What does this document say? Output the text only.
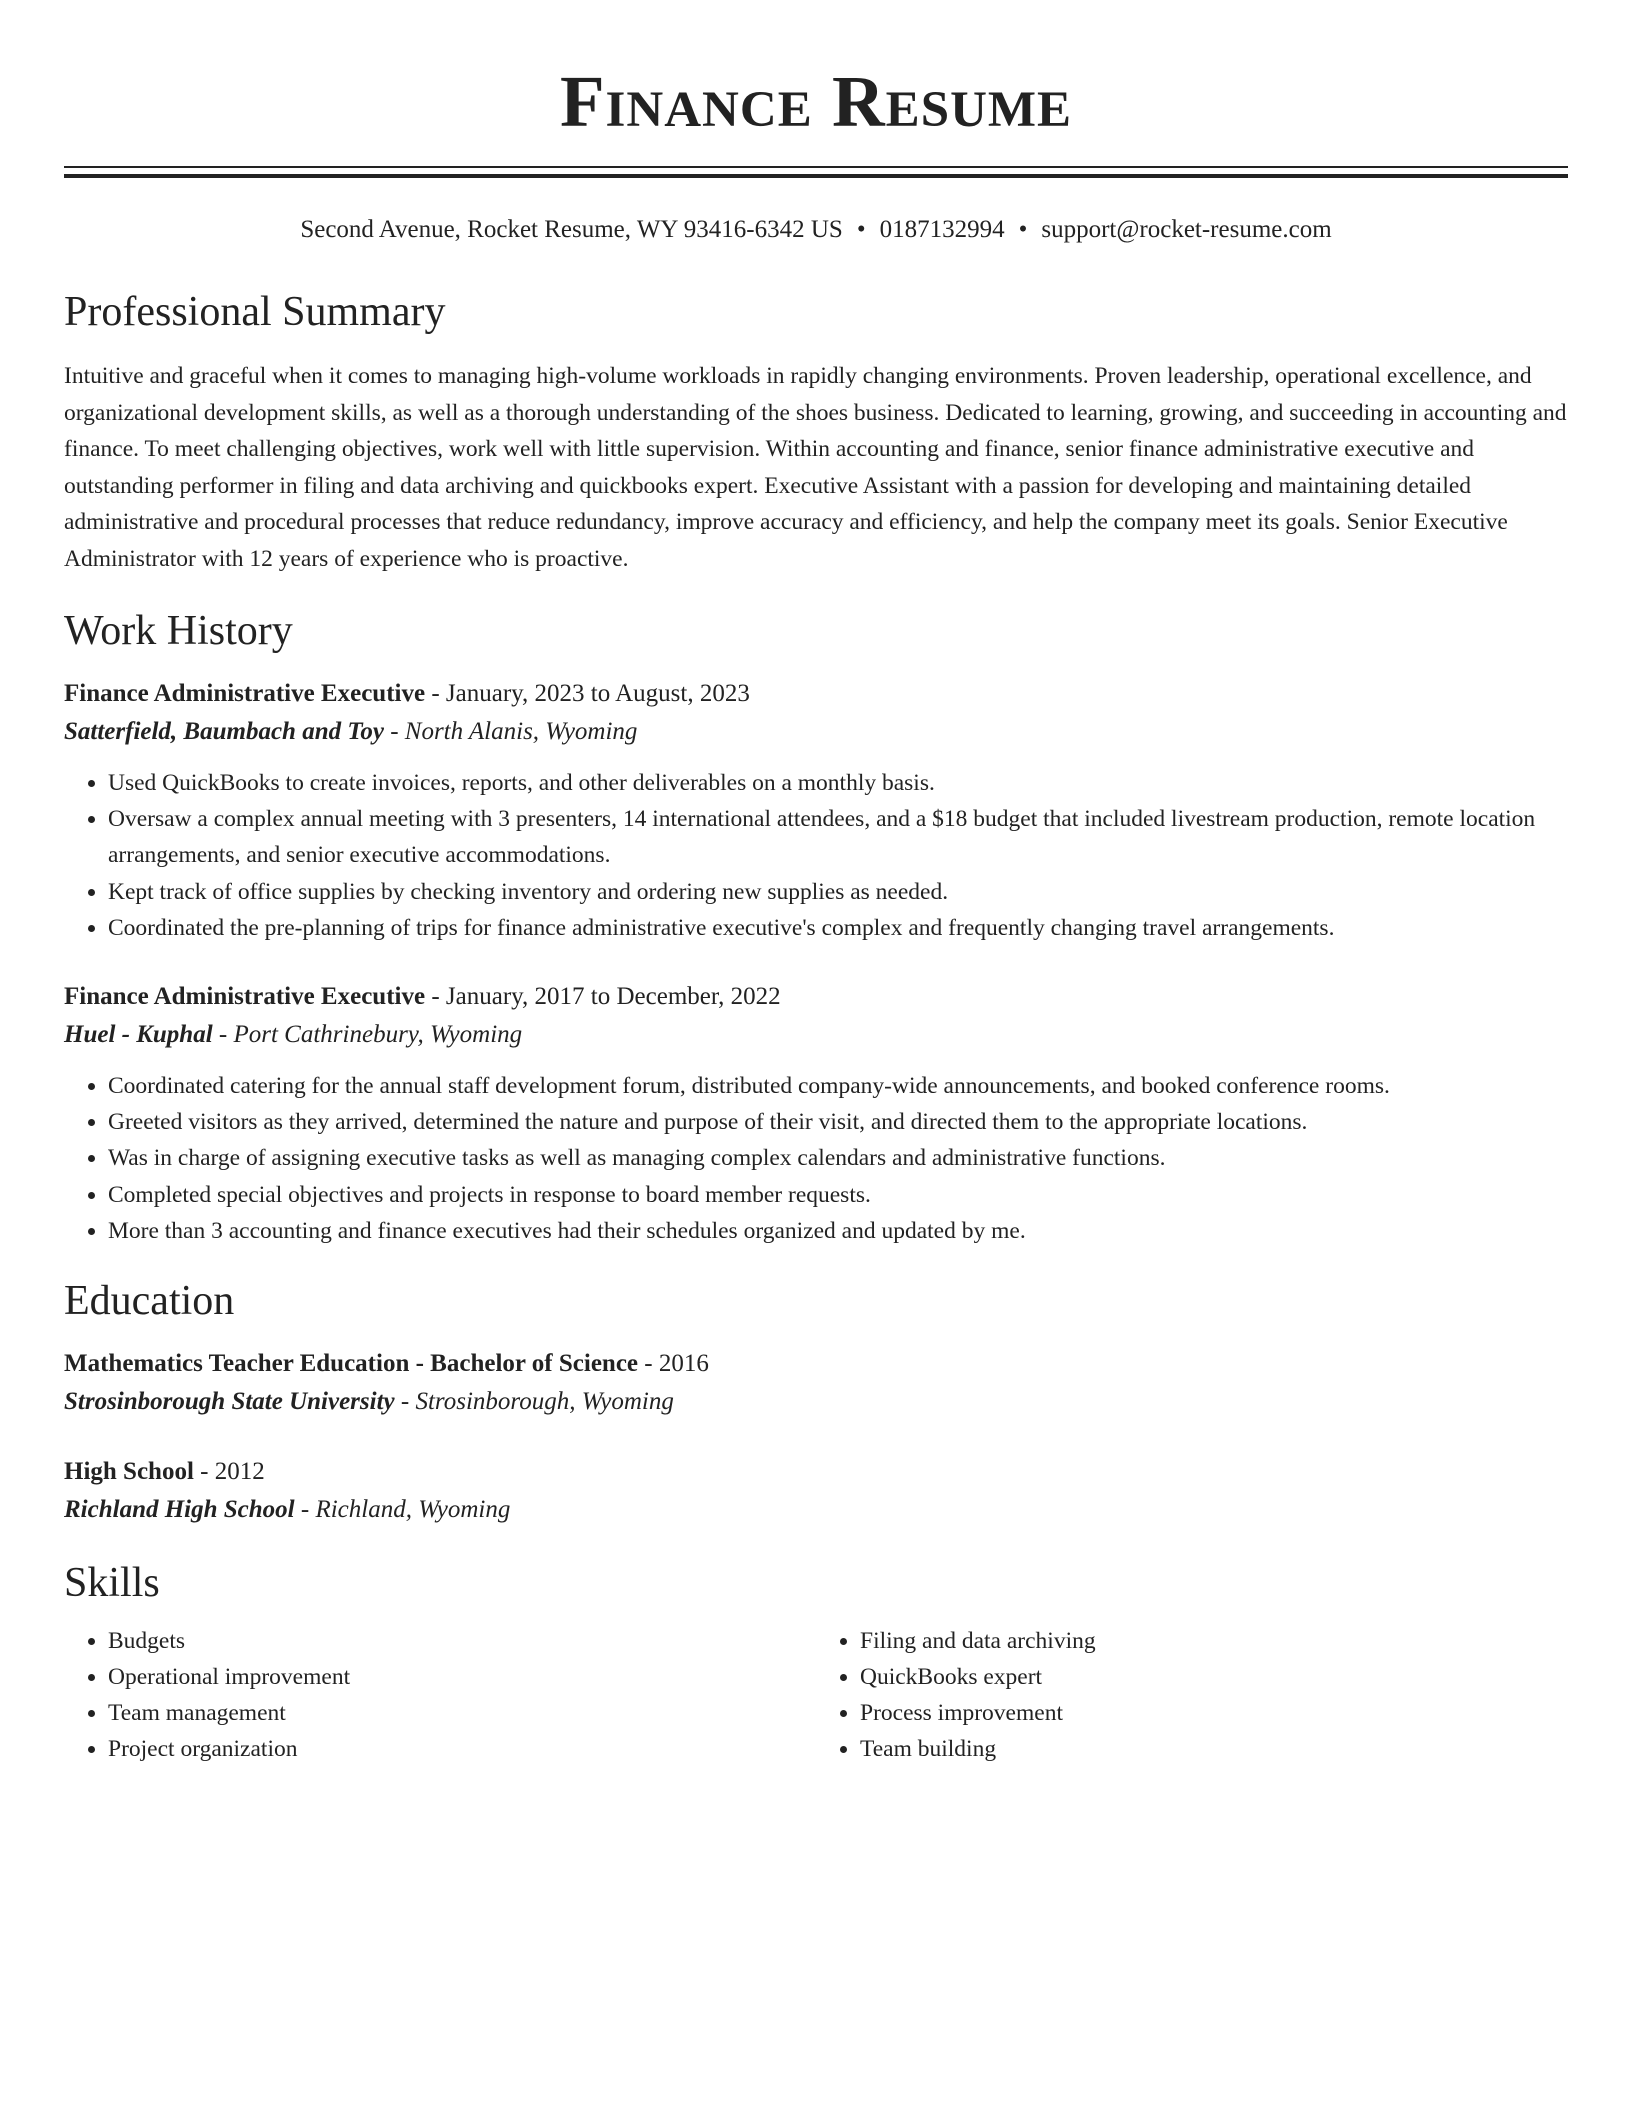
Finance Resume
Second Avenue, Rocket Resume, WY 93416-6342 US • 0187132994 • support@rocket-resume.com
Professional Summary
Intuitive and graceful when it comes to managing high-volume workloads in rapidly changing environments. Proven leadership, operational excellence, and organizational development skills, as well as a thorough understanding of the shoes business. Dedicated to learning, growing, and succeeding in accounting and finance. To meet challenging objectives, work well with little supervision. Within accounting and finance, senior finance administrative executive and outstanding performer in filing and data archiving and quickbooks expert. Executive Assistant with a passion for developing and maintaining detailed administrative and procedural processes that reduce redundancy, improve accuracy and efficiency, and help the company meet its goals. Senior Executive Administrator with 12 years of experience who is proactive.
Work History
Finance Administrative Executive - January, 2023 to August, 2023
Satterfield, Baumbach and Toy - North Alanis, Wyoming
• Used QuickBooks to create invoices, reports, and other deliverables on a monthly basis.
• Oversaw a complex annual meeting with 3 presenters, 14 international attendees, and a $18 budget that included livestream production, remote location arrangements, and senior executive accommodations.
• Kept track of office supplies by checking inventory and ordering new supplies as needed.
• Coordinated the pre-planning of trips for finance administrative executive's complex and frequently changing travel arrangements.
Finance Administrative Executive - January, 2017 to December, 2022
Huel - Kuphal - Port Cathrinebury, Wyoming
• Coordinated catering for the annual staff development forum, distributed company-wide announcements, and booked conference rooms.
• Greeted visitors as they arrived, determined the nature and purpose of their visit, and directed them to the appropriate locations.
• Was in charge of assigning executive tasks as well as managing complex calendars and administrative functions.
• Completed special objectives and projects in response to board member requests.
• More than 3 accounting and finance executives had their schedules organized and updated by me.
Education
Mathematics Teacher Education - Bachelor of Science - 2016
Strosinborough State University - Strosinborough, Wyoming
High School - 2012
Richland High School - Richland, Wyoming
Skills
• Budgets
• Operational improvement
• Team management
• Project organization
• Filing and data archiving
• QuickBooks expert
• Process improvement
• Team building
